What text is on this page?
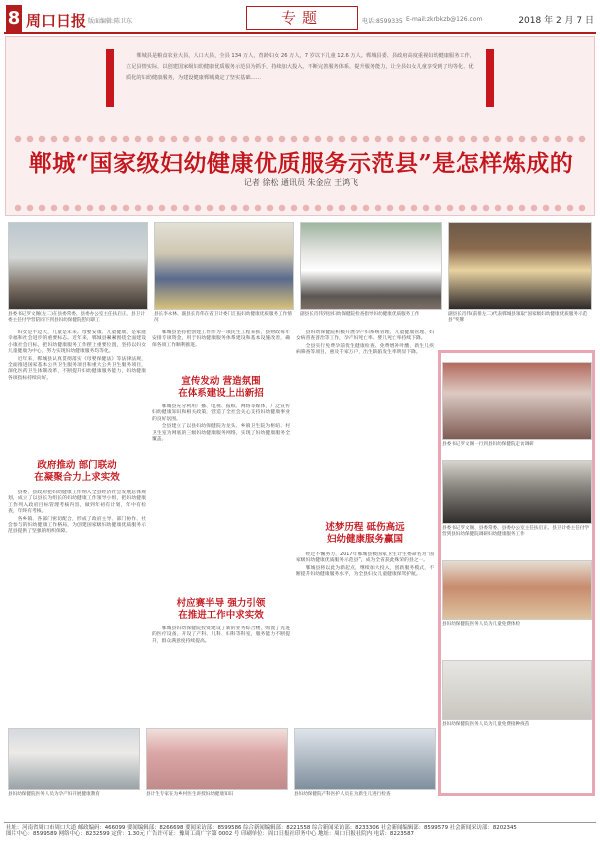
8 周口日报 版面编辑:陈卫东	专题	电话:8599335 E-mail:zkrbkzb@126.com	2018 年 2 月 7 日
郸城县是粮食农业大县，人口大县，全县 134 万人，育龄妇女 26 万人，7 岁以下儿童 12.6 万人。郸城县委、县政府高度重视妇幼健康服务工作，立足县情实际，以创建国家级妇幼健康优质服务示范县为抓手，持续加大投入，不断完善服务体系，提升服务能力，让全县妇女儿童享受到了均等化、优质化的妇幼健康服务，为建设健康郸城奠定了坚实基础……
郸城“国家级妇幼健康优质服务示范县”是怎样炼成的
记者 徐松 通讯员 朱金应 王鸿飞
县委书记罗文阁(左二)在县委常委、县委办公室主任扶启正、县卫计委主任付学营陪同下到县妇幼保健院慰问职工
县长李永林、副县长肖伟在省卫计委门汇报妇幼健康优质服务工作情况
副县长肖伟到县妇幼保健院检查指导妇幼健康优质服务工作	副县长肖伟(前排左二)代表郸城县领取“国家级妇幼健康优质服务示范县”奖牌

妇女是半边天，儿童是未来。母婴安康、儿童健康，是家庭幸福和社会进步的重要标志。近年来，郸城县紧紧围绕全面建设小康社会目标，把妇幼健康服务工作摆上重要位置，坚持以妇女儿童健康为中心，努力实现妇幼健康服务均等化。

近年来，郸城县认真贯彻落实《母婴保健法》等法律法规，全面推进国家基本公共卫生服务项目和重大公共卫生服务项目，深化医药卫生体制改革，不断提升妇幼健康服务能力，妇幼健康各项指标持续向好。

政府推动 部门联动
在凝聚合力上求实效

县委、县政府把妇幼健康工作纳入全县经济社会发展总体规划，成立了以县长为组长的妇幼健康工作领导小组，把妇幼健康工作列入政府目标管理考核内容，做到年初有计划，年中有检查，年终有考核。

各乡镇、各部门密切配合，形成了政府主导、部门协作、社会参与的妇幼健康工作格局，为创建国家级妇幼健康优质服务示范县提供了坚强的组织保障。

郸城县坚持把创建工作作为一项民生工程来抓，县财政每年安排专项资金，用于妇幼健康服务体系建设和基本设施改善，确保各项工作顺利推进。

宣传发动 营造氛围
在体系建设上出新招

郸城县充分利用广播、电视、报纸、网络等媒体，广泛宣传妇幼健康知识和相关政策，营造了全社会关心支持妇幼健康事业的良好氛围。

全县建立了以县妇幼保健院为龙头、乡镇卫生院为枢纽、村卫生室为网底的三级妇幼健康服务网络，实现了妇幼健康服务全覆盖。

村应赛半导 强力引领
在推进工作中求实效

郸城县妇幼保健院投资建设了新的业务综合楼，购置了先进的医疗设备，开设了产科、儿科、妇科等科室，服务能力不断提升，群众满意度持续提高。

县妇幼保健院积极开展孕产妇系统管理、儿童健康管理、妇女病普查普治等工作，孕产妇死亡率、婴儿死亡率持续下降。

全县实行免费孕前优生健康检查、免费增补叶酸、新生儿疾病筛查等项目，惠及千家万户，出生缺陷发生率明显下降。

述梦历程 砥伤高远
妇幼健康服务赢国

经过不懈努力，2017年郸城县被国家卫生计生委命名为“国家级妇幼健康优质服务示范县”，成为全省获此殊荣的县之一。

郸城县将以此为新起点，继续加大投入，创新服务模式，不断提升妇幼健康服务水平，为全县妇女儿童健康保驾护航。

县委书记罗文阁一行到县妇幼保健院走访调研
县委书记罗文阁、县委常委、县委办公室主任扶启正、县卫计委主任付学营到县妇幼保健院调研妇幼健康服务工作
县妇幼保健院医务人员为儿童免费体检
县妇幼保健院医务人员为儿童免费接种疫苗
县妇幼保健院医务人员为孕产妇开展健康教育	县计生专家在为乡村医生讲授妇幼健康知识	县妇幼保健院产科医护人员在为新生儿进行检查
社址：河南省周口市周口大道 邮政编码：466099 要闻编辑部：8266698 要闻采访部：8599586 综合新闻编辑部：8221558 综合新闻采访部：8233306 社会新闻编辑部：8599579 社会新闻采访部：8202345
图片中心：8599589 网络中心：8232599 定价：1.30元 广告许可证：豫周工商广字第 0002 号 印刷单位：周口日报社印务中心 地址：周口日报社院内 电话：8223587
